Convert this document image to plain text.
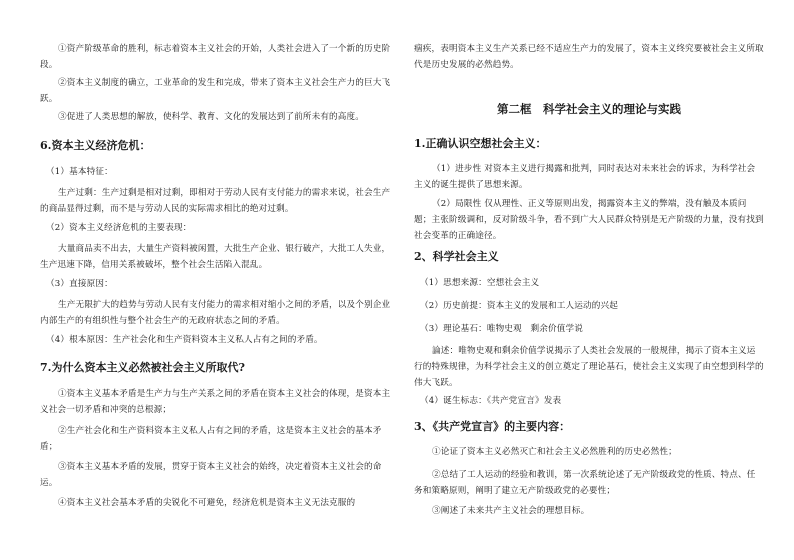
①资产阶级革命的胜利，标志着资本主义社会的开始，人类社会进入了一个新的历史阶段。

②资本主义制度的确立，工业革命的发生和完成，带来了资本主义社会生产力的巨大飞跃。

③促进了人类思想的解放，使科学、教育、文化的发展达到了前所未有的高度。

6.资本主义经济危机：

（1）基本特征：

生产过剩：生产过剩是相对过剩，即相对于劳动人民有支付能力的需求来说，社会生产的商品显得过剩，而不是与劳动人民的实际需求相比的绝对过剩。

（2）资本主义经济危机的主要表现：

大量商品卖不出去，大量生产资料被闲置，大批生产企业、银行破产，大批工人失业，生产迅速下降，信用关系被破坏，整个社会生活陷入混乱。

（3）直接原因：

生产无限扩大的趋势与劳动人民有支付能力的需求相对缩小之间的矛盾，以及个别企业内部生产的有组织性与整个社会生产的无政府状态之间的矛盾。

（4）根本原因：生产社会化和生产资料资本主义私人占有之间的矛盾。

7.为什么资本主义必然被社会主义所取代?

①资本主义基本矛盾是生产力与生产关系之间的矛盾在资本主义社会的体现，是资本主义社会一切矛盾和冲突的总根源；

②生产社会化和生产资料资本主义私人占有之间的矛盾，这是资本主义社会的基本矛盾；

③资本主义基本矛盾的发展，贯穿于资本主义社会的始终，决定着资本主义社会的命运。

④资本主义社会基本矛盾的尖锐化不可避免，经济危机是资本主义无法克服的

痼疾，表明资本主义生产关系已经不适应生产力的发展了，资本主义终究要被社会主义所取代是历史发展的必然趋势。

第二框　科学社会主义的理论与实践
1.正确认识空想社会主义：

（1）进步性 对资本主义进行揭露和批判，同时表达对未来社会的诉求，为科学社会主义的诞生提供了思想来源。

（2）局限性 仅从理性、正义等原则出发，揭露资本主义的弊端，没有触及本质问题；主张阶级调和，反对阶级斗争，看不到广大人民群众特别是无产阶级的力量，没有找到社会变革的正确途径。

2、科学社会主义

（1）思想来源：空想社会主义

（2）历史前提：资本主义的发展和工人运动的兴起

（3）理论基石：唯物史观　剩余价值学说

論述：唯物史观和剩余价值学说揭示了人类社会发展的一般规律，揭示了资本主义运行的特殊规律，为科学社会主义的创立奠定了理论基石，使社会主义实现了由空想到科学的伟大飞跃。

（4）诞生标志：《共产党宣言》发表

3、《共产党宣言》的主要内容：

①论证了资本主义必然灭亡和社会主义必然胜利的历史必然性；

②总结了工人运动的经验和教训，第一次系统论述了无产阶级政党的性质、特点、任务和策略原则，阐明了建立无产阶级政党的必要性；

③阐述了未来共产主义社会的理想目标。
